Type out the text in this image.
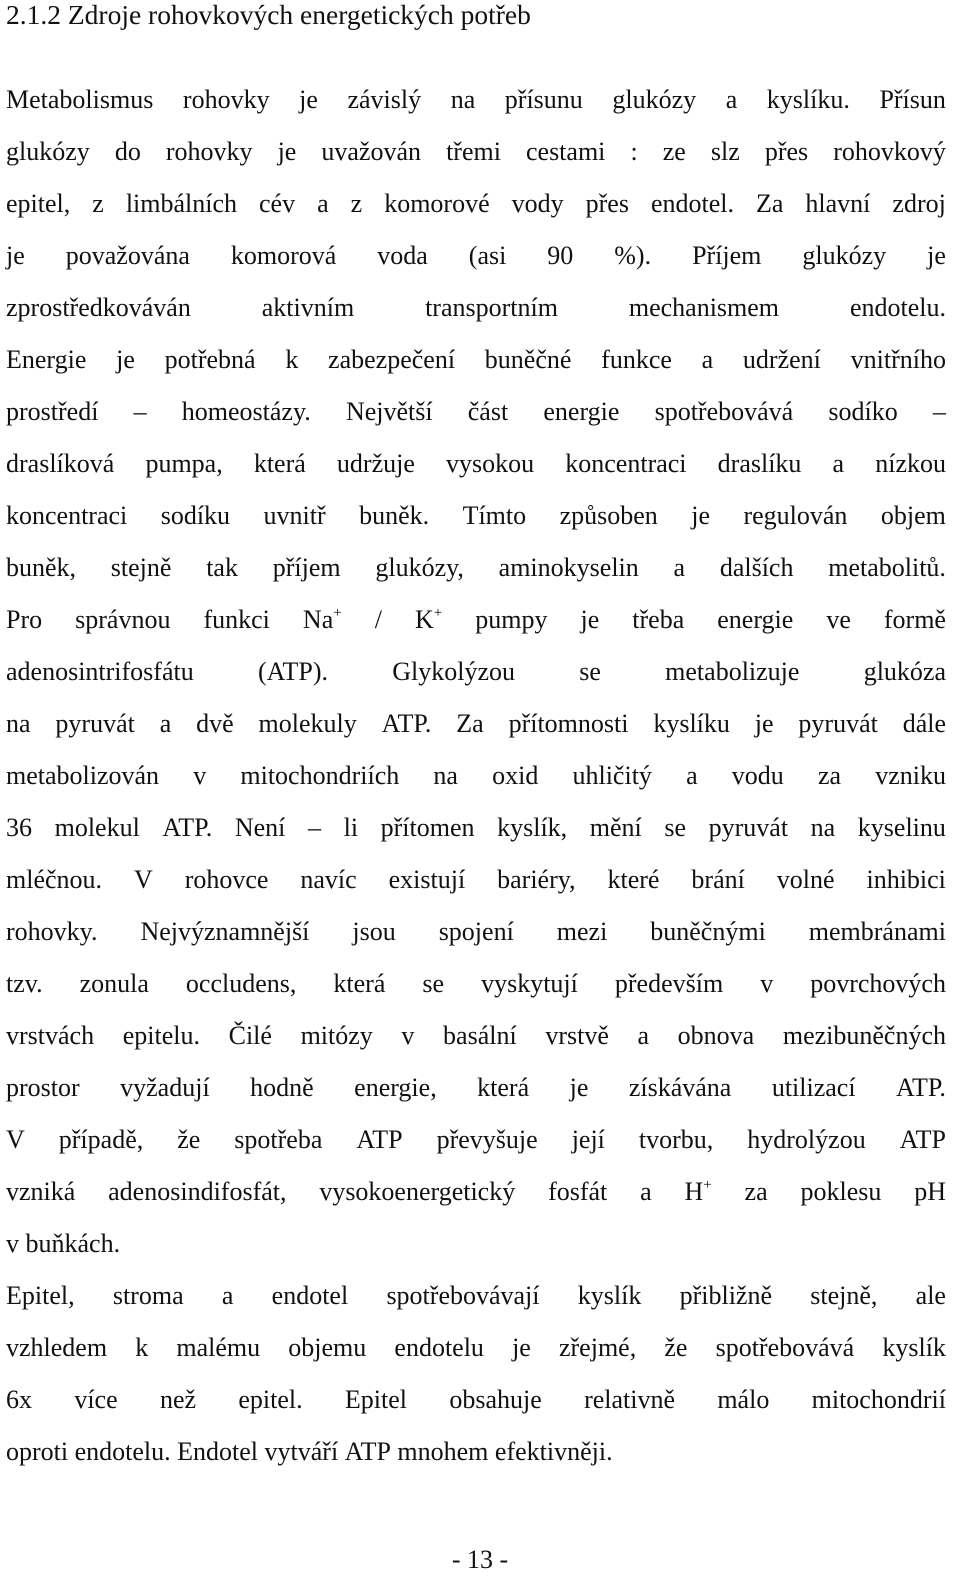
2.1.2 Zdroje rohovkových energetických potřeb
Metabolismus rohovky je závislý na přísunu glukózy a kyslíku. Přísun
glukózy do rohovky je uvažován třemi cestami : ze slz přes rohovkový
epitel, z limbálních cév a z komorové vody přes endotel. Za hlavní zdroj
je považována komorová voda (asi 90 %). Příjem glukózy je
zprostředkováván	aktivním	transportním	mechanismem	endotelu.
Energie je potřebná k zabezpečení buněčné funkce a udržení vnitřního
prostředí – homeostázy. Největší část energie spotřebovává sodíko –
draslíková pumpa, která udržuje vysokou koncentraci draslíku a nízkou
koncentraci sodíku uvnitř buněk. Tímto způsoben je regulován objem
buněk, stejně tak příjem glukózy, aminokyselin a dalších metabolitů.
Pro správnou funkci Na+ / K+ pumpy je třeba energie ve formě
adenosintrifosfátu (ATP). Glykolýzou se metabolizuje glukóza
na pyruvát a dvě molekuly ATP. Za přítomnosti kyslíku je pyruvát dále
metabolizován v mitochondriích na oxid uhličitý a vodu za vzniku
36 molekul ATP. Není – li přítomen kyslík, mění se pyruvát na kyselinu
mléčnou. V rohovce navíc existují bariéry, které brání volné inhibici
rohovky. Nejvýznamnější jsou spojení mezi buněčnými membránami
tzv. zonula occludens, která se vyskytují především v povrchových
vrstvách epitelu. Čilé mitózy v basální vrstvě a obnova mezibuněčných
prostor vyžadují hodně energie, která je získávána utilizací ATP.
V případě, že spotřeba ATP převyšuje její tvorbu, hydrolýzou ATP
vzniká adenosindifosfát, vysokoenergetický fosfát a H+ za poklesu pH
v buňkách.
Epitel, stroma a endotel spotřebovávají kyslík přibližně stejně, ale
vzhledem k malému objemu endotelu je zřejmé, že spotřebovává kyslík
6x více než epitel. Epitel obsahuje relativně málo mitochondrií
oproti endotelu. Endotel vytváří ATP mnohem efektivněji.
- 13 -
